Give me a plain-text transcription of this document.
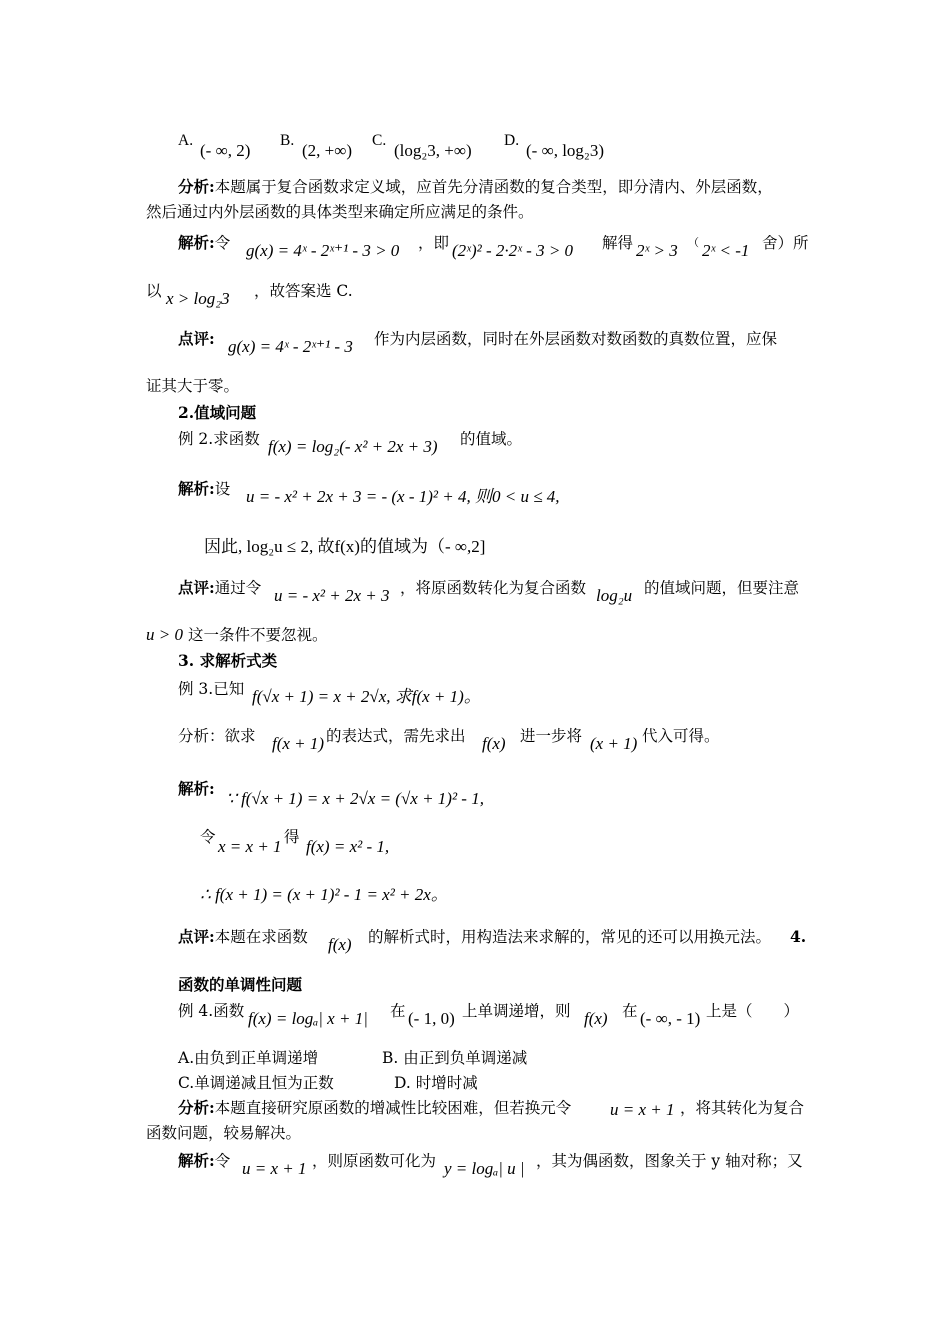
A.
(- ∞, 2)
B.
(2, +∞)
C.
(log₂3, +∞)
D.
(- ∞, log₂3)
分析:本题属于复合函数求定义域，应首先分清函数的复合类型，即分清内、外层函数，
然后通过内外层函数的具体类型来确定所应满足的条件。
解析:令 g(x) = 4ˣ - 2ˣ⁺¹ - 3 > 0 ，即 (2ˣ)² - 2·2ˣ - 3 > 0 解得 2ˣ > 3 （ 2ˣ < -1 舍）所
以 x > log₂3 ，故答案选 C.
点评: g(x) = 4ˣ - 2ˣ⁺¹ - 3 作为内层函数，同时在外层函数对数函数的真数位置，应保
证其大于零。
2.值域问题
例 2.求函数 f(x) = log₂(- x² + 2x + 3) 的值域。
解析:设 u = - x² + 2x + 3 = - (x - 1)² + 4, 则0 < u ≤ 4,
因此, log₂u ≤ 2, 故f(x)的值域为（- ∞,2]
点评:通过令 u = - x² + 2x + 3 ，将原函数转化为复合函数 log₂u 的值域问题，但要注意
u > 0 这一条件不要忽视。
3. 求解析式类
例 3.已知 f(√x + 1) = x + 2√x, 求f(x + 1)。
分析：欲求 f(x + 1) 的表达式，需先求出 f(x) 进一步将 (x + 1) 代入可得。
解析:
∵ f(√x + 1) = x + 2√x = (√x + 1)² - 1,
令 x = x + 1 得 f(x) = x² - 1,
∴ f(x + 1) = (x + 1)² - 1 = x² + 2x。
点评:本题在求函数 f(x) 的解析式时，用构造法来求解的，常见的还可以用换元法。 4.
函数的单调性问题
例 4.函数 f(x) = logₐ| x + 1| 在 (- 1, 0) 上单调递增，则 f(x) 在 (- ∞, - 1) 上是（　　）
A.由负到正单调递增	B. 由正到负单调递减
C.单调递减且恒为正数	D. 时增时减
分析:本题直接研究原函数的增减性比较困难，但若换元令 u = x + 1 ，将其转化为复合
函数问题，较易解决。
解析:令 u = x + 1 ，则原函数可化为 y = logₐ| u | ，其为偶函数，图象关于 y 轴对称；又
